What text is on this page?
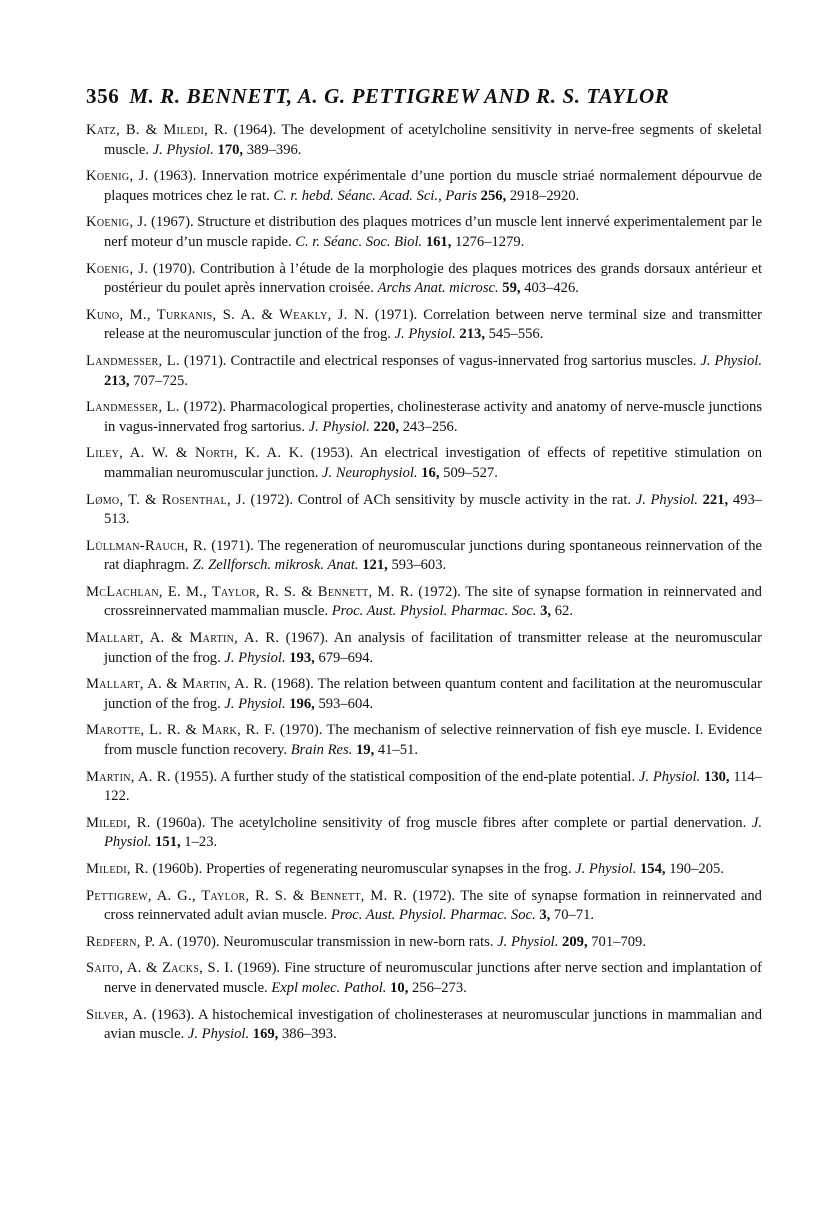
356 M. R. BENNETT, A. G. PETTIGREW AND R. S. TAYLOR
Katz, B. & Miledi, R. (1964). The development of acetylcholine sensitivity in nerve-free segments of skeletal muscle. J. Physiol. 170, 389–396.
Koenig, J. (1963). Innervation motrice expérimentale d’une portion du muscle striaé normalement dépourvue de plaques motrices chez le rat. C. r. hebd. Séanc. Acad. Sci., Paris 256, 2918–2920.
Koenig, J. (1967). Structure et distribution des plaques motrices d’un muscle lent innervé experimentalement par le nerf moteur d’un muscle rapide. C. r. Séanc. Soc. Biol. 161, 1276–1279.
Koenig, J. (1970). Contribution à l’étude de la morphologie des plaques motrices des grands dorsaux antérieur et postérieur du poulet après innervation croisée. Archs Anat. microsc. 59, 403–426.
Kuno, M., Turkanis, S. A. & Weakly, J. N. (1971). Correlation between nerve terminal size and transmitter release at the neuromuscular junction of the frog. J. Physiol. 213, 545–556.
Landmesser, L. (1971). Contractile and electrical responses of vagus-innervated frog sartorius muscles. J. Physiol. 213, 707–725.
Landmesser, L. (1972). Pharmacological properties, cholinesterase activity and anatomy of nerve-muscle junctions in vagus-innervated frog sartorius. J. Physiol. 220, 243–256.
Liley, A. W. & North, K. A. K. (1953). An electrical investigation of effects of repetitive stimulation on mammalian neuromuscular junction. J. Neurophysiol. 16, 509–527.
Lømo, T. & Rosenthal, J. (1972). Control of ACh sensitivity by muscle activity in the rat. J. Physiol. 221, 493–513.
Lüllman-Rauch, R. (1971). The regeneration of neuromuscular junctions during spontaneous reinnervation of the rat diaphragm. Z. Zellforsch. mikrosk. Anat. 121, 593–603.
McLachlan, E. M., Taylor, R. S. & Bennett, M. R. (1972). The site of synapse formation in reinnervated and crossreinnervated mammalian muscle. Proc. Aust. Physiol. Pharmac. Soc. 3, 62.
Mallart, A. & Martin, A. R. (1967). An analysis of facilitation of transmitter release at the neuromuscular junction of the frog. J. Physiol. 193, 679–694.
Mallart, A. & Martin, A. R. (1968). The relation between quantum content and facilitation at the neuromuscular junction of the frog. J. Physiol. 196, 593–604.
Marotte, L. R. & Mark, R. F. (1970). The mechanism of selective reinnervation of fish eye muscle. I. Evidence from muscle function recovery. Brain Res. 19, 41–51.
Martin, A. R. (1955). A further study of the statistical composition of the end-plate potential. J. Physiol. 130, 114–122.
Miledi, R. (1960a). The acetylcholine sensitivity of frog muscle fibres after complete or partial denervation. J. Physiol. 151, 1–23.
Miledi, R. (1960b). Properties of regenerating neuromuscular synapses in the frog. J. Physiol. 154, 190–205.
Pettigrew, A. G., Taylor, R. S. & Bennett, M. R. (1972). The site of synapse formation in reinnervated and cross reinnervated adult avian muscle. Proc. Aust. Physiol. Pharmac. Soc. 3, 70–71.
Redfern, P. A. (1970). Neuromuscular transmission in new-born rats. J. Physiol. 209, 701–709.
Saito, A. & Zacks, S. I. (1969). Fine structure of neuromuscular junctions after nerve section and implantation of nerve in denervated muscle. Expl molec. Pathol. 10, 256–273.
Silver, A. (1963). A histochemical investigation of cholinesterases at neuromuscular junctions in mammalian and avian muscle. J. Physiol. 169, 386–393.
